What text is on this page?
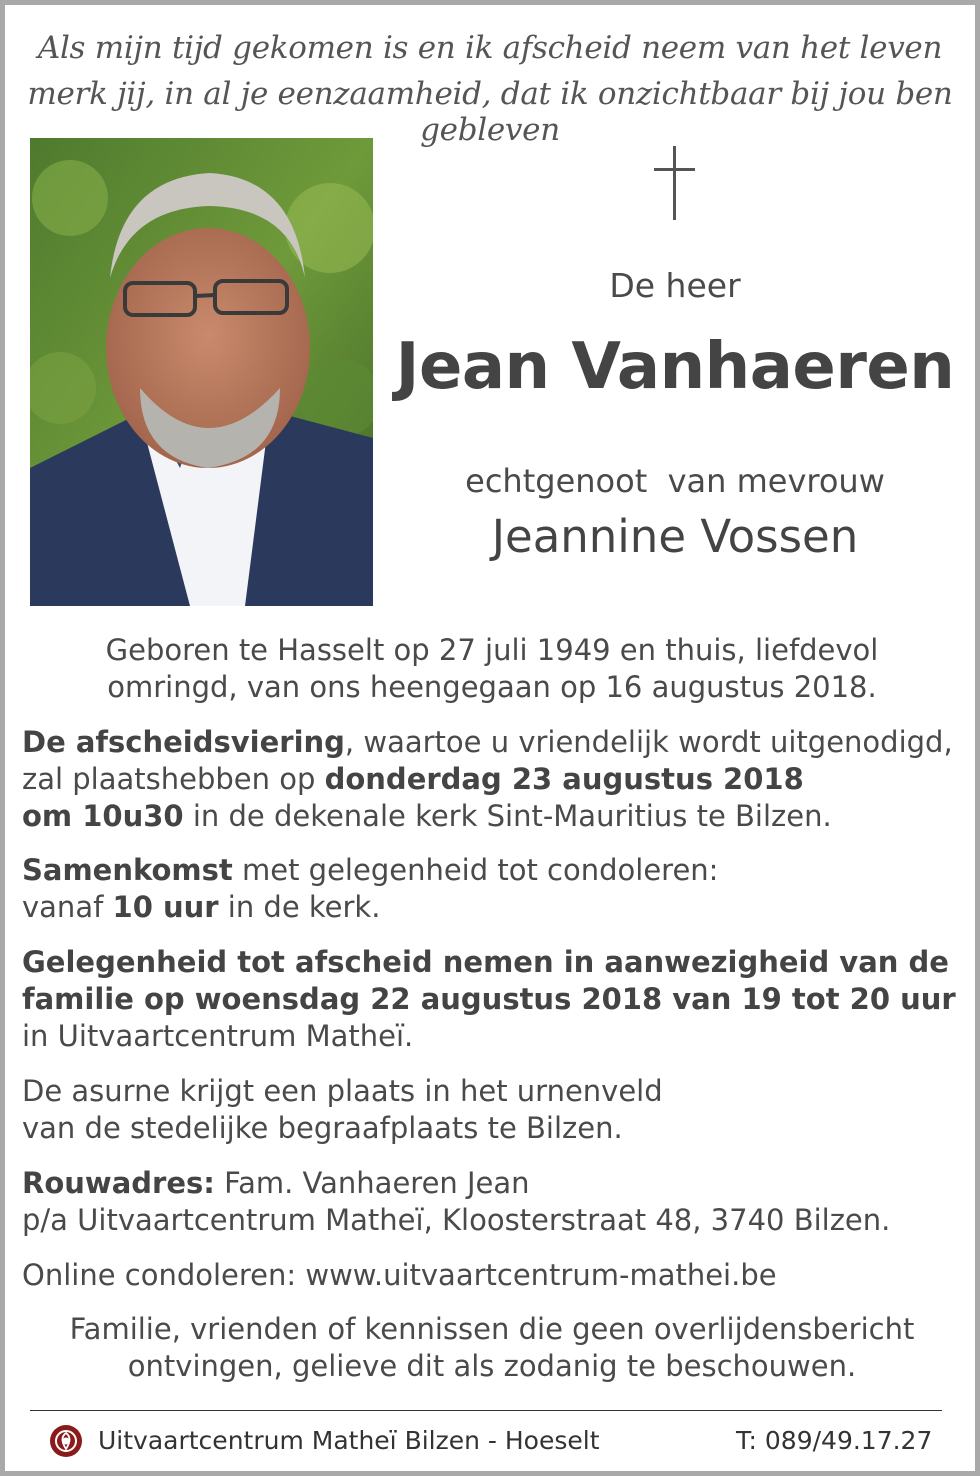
Als mijn tijd gekomen is en ik afscheid neem van het leven
merk jij, in al je eenzaamheid, dat ik onzichtbaar bij jou ben gebleven
De heer
Jean Vanhaeren
echtgenoot  van mevrouw
Jeannine Vossen
Geboren te Hasselt op 27 juli 1949 en thuis, liefdevol
omringd, van ons heengegaan op 16 augustus 2018.
De afscheidsviering, waartoe u vriendelijk wordt uitgenodigd,
zal plaatshebben op donderdag 23 augustus 2018
om 10u30 in de dekenale kerk Sint-Mauritius te Bilzen.
Samenkomst met gelegenheid tot condoleren:
vanaf 10 uur in de kerk.
Gelegenheid tot afscheid nemen in aanwezigheid van de
familie op woensdag 22 augustus 2018 van 19 tot 20 uur
in Uitvaartcentrum Matheï.
De asurne krijgt een plaats in het urnenveld
van de stedelijke begraafplaats te Bilzen.
Rouwadres: Fam. Vanhaeren Jean
p/a Uitvaartcentrum Matheï, Kloosterstraat 48, 3740 Bilzen.
Online condoleren: www.uitvaartcentrum-mathei.be
Familie, vrienden of kennissen die geen overlijdensbericht
ontvingen, gelieve dit als zodanig te beschouwen.
Uitvaartcentrum Matheï Bilzen - Hoeselt	T: 089/49.17.27
